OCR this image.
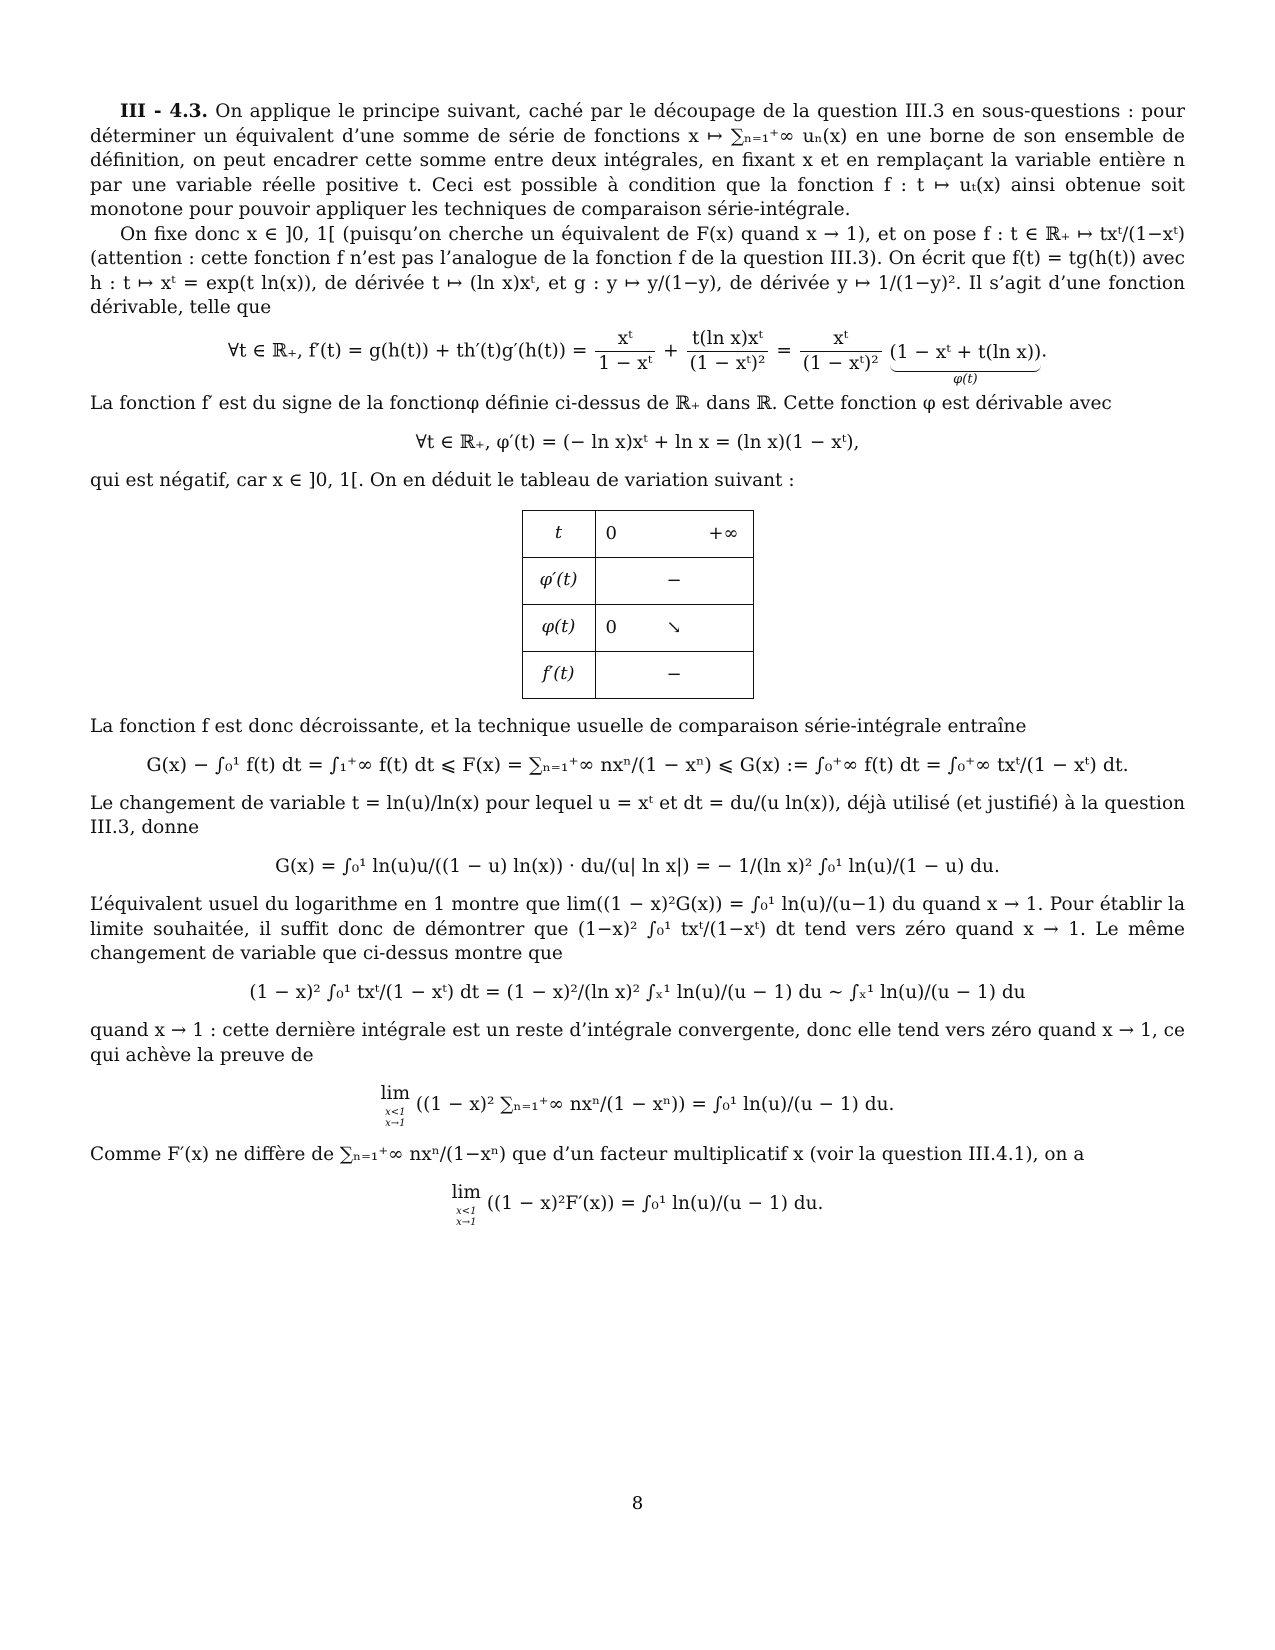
III - 4.3. On applique le principe suivant, caché par le découpage de la question III.3 en sous-questions : pour déterminer un équivalent d’une somme de série de fonctions x ↦ ∑ₙ₌₁⁺∞ uₙ(x) en une borne de son ensemble de définition, on peut encadrer cette somme entre deux intégrales, en fixant x et en remplaçant la variable entière n par une variable réelle positive t. Ceci est possible à condition que la fonction f : t ↦ uₜ(x) ainsi obtenue soit monotone pour pouvoir appliquer les techniques de comparaison série-intégrale.

On fixe donc x ∈ ]0, 1[ (puisqu’on cherche un équivalent de F(x) quand x → 1), et on pose f : t ∈ ℝ₊ ↦ txᵗ/(1−xᵗ) (attention : cette fonction f n’est pas l’analogue de la fonction f de la question III.3). On écrit que f(t) = tg(h(t)) avec h : t ↦ xᵗ = exp(t ln(x)), de dérivée t ↦ (ln x)xᵗ, et g : y ↦ y/(1−y), de dérivée y ↦ 1/(1−y)². Il s’agit d’une fonction dérivable, telle que

∀t ∈ ℝ₊, $f'(t) = g(h(t)) + th'(t)g'(h(t)) = \frac{\text{xᵗ}}{\text{1 − xᵗ}} + \frac{\text{t(ln x)xᵗ}}{\text{(1 − xᵗ)²}} = \frac{\text{xᵗ}}{\text{(1 − xᵗ)²}} (1$ − xᵗ + t(ln x))
φ(t)
.

La fonction f′ est du signe de la fonctionφ définie ci-dessus de ℝ₊ dans ℝ. Cette fonction φ est dérivable avec

∀t ∈ ℝ₊, φ′(t) = (− ln x)xᵗ + ln x = (ln x)(1 − xᵗ),

qui est négatif, car x ∈ ]0, 1[. On en déduit le tableau de variation suivant :

t	0 +∞

φ′(t)	−

φ(t)	0 ↘

f′(t)	−

La fonction f est donc décroissante, et la technique usuelle de comparaison série-intégrale entraîne

G(x) − ∫₀¹ f(t) dt = ∫₁⁺∞ f(t) dt ⩽ F(x) = ∑ₙ₌₁⁺∞ nxⁿ/(1 − xⁿ) ⩽ G(x) := ∫₀⁺∞ f(t) dt = ∫₀⁺∞ txᵗ/(1 − xᵗ) dt.

Le changement de variable t = ln(u)/ln(x) pour lequel u = xᵗ et dt = du/(u ln(x)), déjà utilisé (et justifié) à la question III.3, donne

G(x) = ∫₀¹ ln(u)u/((1 − u) ln(x)) · du/(u| ln x|) = − 1/(ln x)² ∫₀¹ ln(u)/(1 − u) du.

L’équivalent usuel du logarithme en 1 montre que lim((1 − x)²G(x)) = ∫₀¹ ln(u)/(u−1) du quand x → 1. Pour établir la limite souhaitée, il suffit donc de démontrer que (1−x)² ∫₀¹ txᵗ/(1−xᵗ) dt tend vers zéro quand x → 1. Le même changement de variable que ci-dessus montre que

(1 − x)² ∫₀¹ txᵗ/(1 − xᵗ) dt = (1 − x)²/(ln x)² ∫ₓ¹ ln(u)/(u − 1) du ∼ ∫ₓ¹ ln(u)/(u − 1) du

quand x → 1 : cette dernière intégrale est un reste d’intégrale convergente, donc elle tend vers zéro quand x → 1, ce qui achève la preuve de

lim
x<1
x→1
((1 − x)² ∑ₙ₌₁⁺∞ nxⁿ/(1 − xⁿ)) = ∫₀¹ ln(u)/(u − 1) du.

Comme F′(x) ne diffère de ∑ₙ₌₁⁺∞ nxⁿ/(1−xⁿ) que d’un facteur multiplicatif x (voir la question III.4.1), on a

lim
x<1
x→1
((1 − x)²F′(x)) = ∫₀¹ ln(u)/(u − 1) du.
8
